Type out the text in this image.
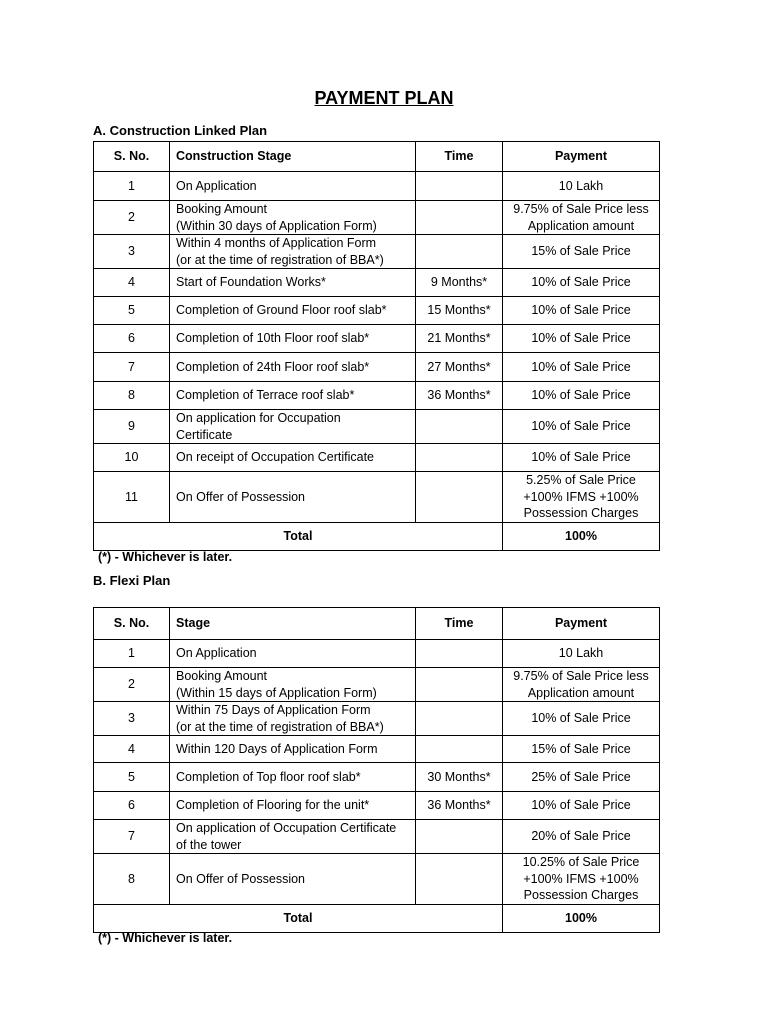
PAYMENT PLAN
A. Construction Linked Plan
S. No.	Construction Stage	Time	Payment
1	On Application		10 Lakh

2	Booking Amount
(Within 30 days of Application Form)		9.75% of Sale Price less
Application amount

3	Within 4 months of Application Form
(or at the time of registration of BBA*)		15% of Sale Price

4	Start of Foundation Works*	9 Months*	10% of Sale Price

5	Completion of Ground Floor roof slab*	15 Months*	10% of Sale Price

6	Completion of 10th Floor roof slab*	21 Months*	10% of Sale Price

7	Completion of 24th Floor roof slab*	27 Months*	10% of Sale Price

8	Completion of Terrace roof slab*	36 Months*	10% of Sale Price

9	On application for Occupation
Certificate		10% of Sale Price

10	On receipt of Occupation Certificate		10% of Sale Price

11	On Offer of Possession		5.25% of Sale Price
+100% IFMS +100%
Possession Charges

Total			100%
(*) - Whichever is later.
B. Flexi Plan
S. No.	Stage	Time	Payment
1	On Application		10 Lakh

2	Booking Amount
(Within 15 days of Application Form)		9.75% of Sale Price less
Application amount

3	Within 75 Days of Application Form
(or at the time of registration of BBA*)		10% of Sale Price

4	Within 120 Days of Application Form		15% of Sale Price

5	Completion of Top floor roof slab*	30 Months*	25% of Sale Price

6	Completion of Flooring for the unit*	36 Months*	10% of Sale Price

7	On application of Occupation Certificate
of the tower		20% of Sale Price

8	On Offer of Possession		10.25% of Sale Price
+100% IFMS +100%
Possession Charges

Total			100%
(*) - Whichever is later.
